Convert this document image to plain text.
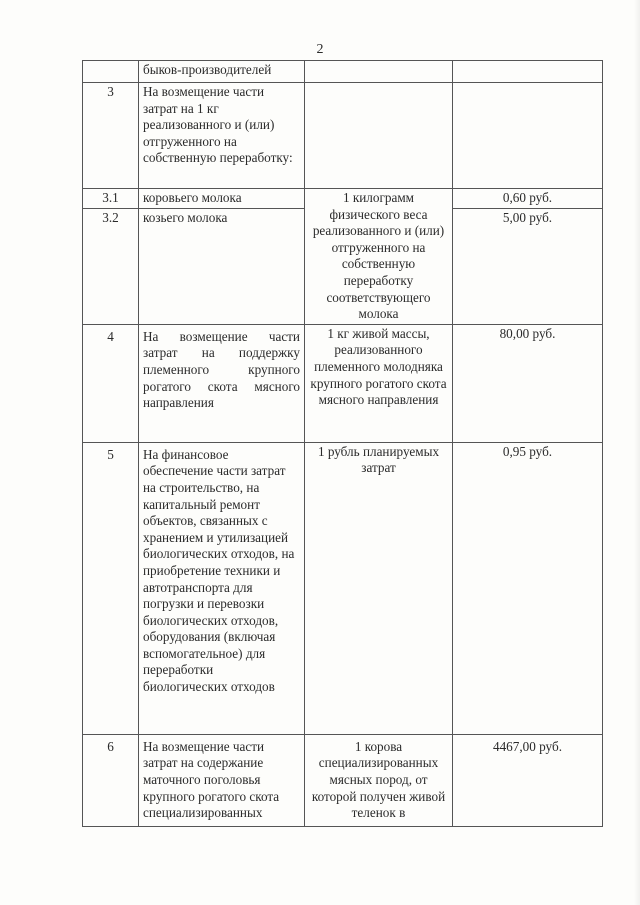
2
	быков-производителей		
3	На возмещение части затрат на 1 кг реализованного и (или) отгруженного на собственную переработку:		
3.1	коровьего молока	1 килограмм физического веса реализованного и (или) отгруженного на собственную переработку соответствующего молока	0,60 руб.
3.2	козьего молока		5,00 руб.
4	На возмещение части затрат на поддержку племенного крупного рогатого скота мясного направления	1 кг живой массы, реализованного племенного молодняка крупного рогатого скота мясного направления	80,00 руб.
5	На финансовое обеспечение части затрат на строительство, на капитальный ремонт объектов, связанных с хранением и утилизацией биологических отходов, на приобретение техники и автотранспорта для погрузки и перевозки биологических отходов, оборудования (включая вспомогательное) для переработки биологических отходов	1 рубль планируемых затрат	0,95 руб.
6	На возмещение части затрат на содержание маточного поголовья крупного рогатого скота специализированных	1 корова специализированных мясных пород, от которой получен живой теленок в	4467,00 руб.
